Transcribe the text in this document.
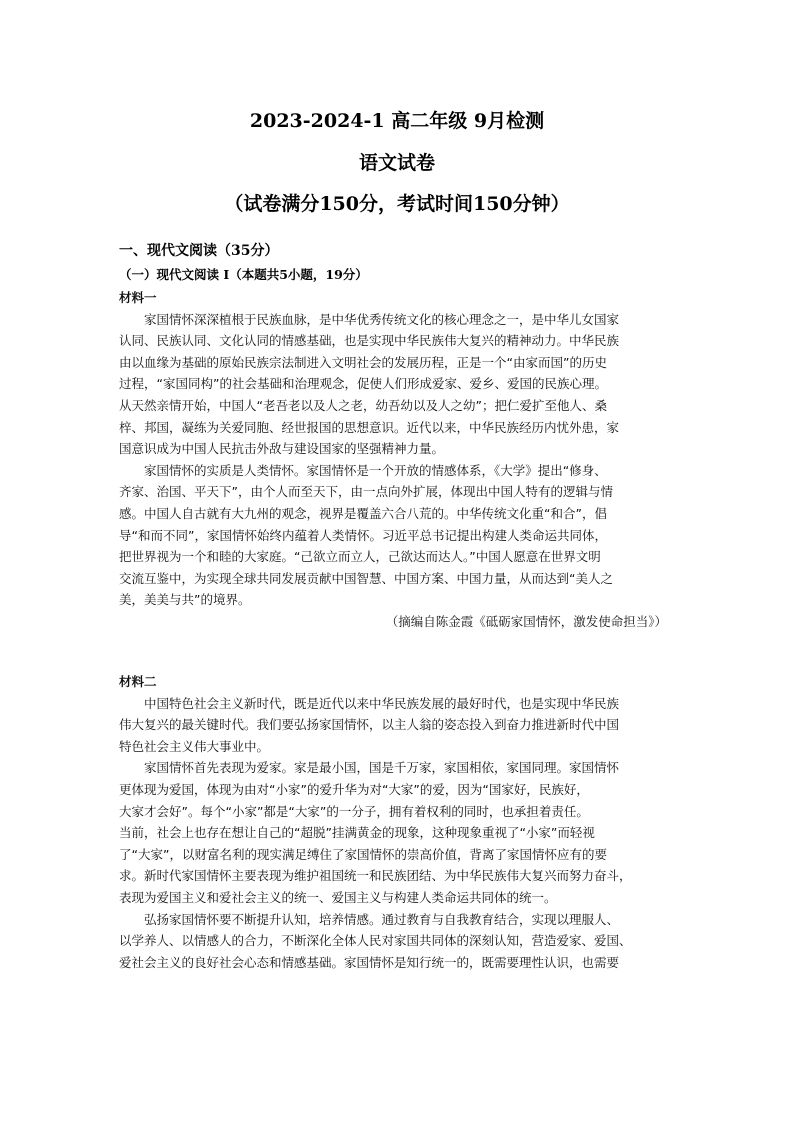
2023-2024-1 高二年级 9月检测
语文试卷
（试卷满分150分，考试时间150分钟）
一、现代文阅读（35分）
（一）现代文阅读 I（本题共5小题，19分）
材料一
　　家国情怀深深植根于民族血脉，是中华优秀传统文化的核心理念之一，是中华儿女国家
认同、民族认同、文化认同的情感基础，也是实现中华民族伟大复兴的精神动力。中华民族
由以血缘为基础的原始民族宗法制进入文明社会的发展历程，正是一个“由家而国”的历史
过程，“家国同构”的社会基础和治理观念，促使人们形成爱家、爱乡、爱国的民族心理。
从天然亲情开始，中国人“老吾老以及人之老，幼吾幼以及人之幼”；把仁爱扩至他人、桑
梓、邦国，凝练为关爱同胞、经世报国的思想意识。近代以来，中华民族经历内忧外患，家
国意识成为中国人民抗击外敌与建设国家的坚强精神力量。
　　家国情怀的实质是人类情怀。家国情怀是一个开放的情感体系，《大学》提出“修身、
齐家、治国、平天下”，由个人而至天下，由一点向外扩展，体现出中国人特有的逻辑与情
感。中国人自古就有大九州的观念，视界是覆盖六合八荒的。中华传统文化重“和合”，倡
导“和而不同”，家国情怀始终内蕴着人类情怀。习近平总书记提出构建人类命运共同体，
把世界视为一个和睦的大家庭。“己欲立而立人，己欲达而达人。”中国人愿意在世界文明
交流互鉴中，为实现全球共同发展贡献中国智慧、中国方案、中国力量，从而达到“美人之
美，美美与共”的境界。
（摘编自陈金霞《砥砺家国情怀，激发使命担当》）
材料二
　　中国特色社会主义新时代，既是近代以来中华民族发展的最好时代，也是实现中华民族
伟大复兴的最关键时代。我们要弘扬家国情怀，以主人翁的姿态投入到奋力推进新时代中国
特色社会主义伟大事业中。
　　家国情怀首先表现为爱家。家是最小国，国是千万家，家国相依，家国同理。家国情怀
更体现为爱国，体现为由对“小家”的爱升华为对“大家”的爱，因为“国家好，民族好，
大家才会好”。每个“小家”都是“大家”的一分子，拥有着权利的同时，也承担着责任。
当前，社会上也存在想让自己的“超脱”挂满黄金的现象，这种现象重视了“小家”而轻视
了“大家”，以财富名利的现实满足缚住了家国情怀的崇高价值，背离了家国情怀应有的要
求。新时代家国情怀主要表现为维护祖国统一和民族团结、为中华民族伟大复兴而努力奋斗，
表现为爱国主义和爱社会主义的统一、爱国主义与构建人类命运共同体的统一。
　　弘扬家国情怀要不断提升认知，培养情感。通过教育与自我教育结合，实现以理服人、
以学养人、以情感人的合力，不断深化全体人民对家国共同体的深刻认知，营造爱家、爱国、
爱社会主义的良好社会心态和情感基础。家国情怀是知行统一的，既需要理性认识，也需要
